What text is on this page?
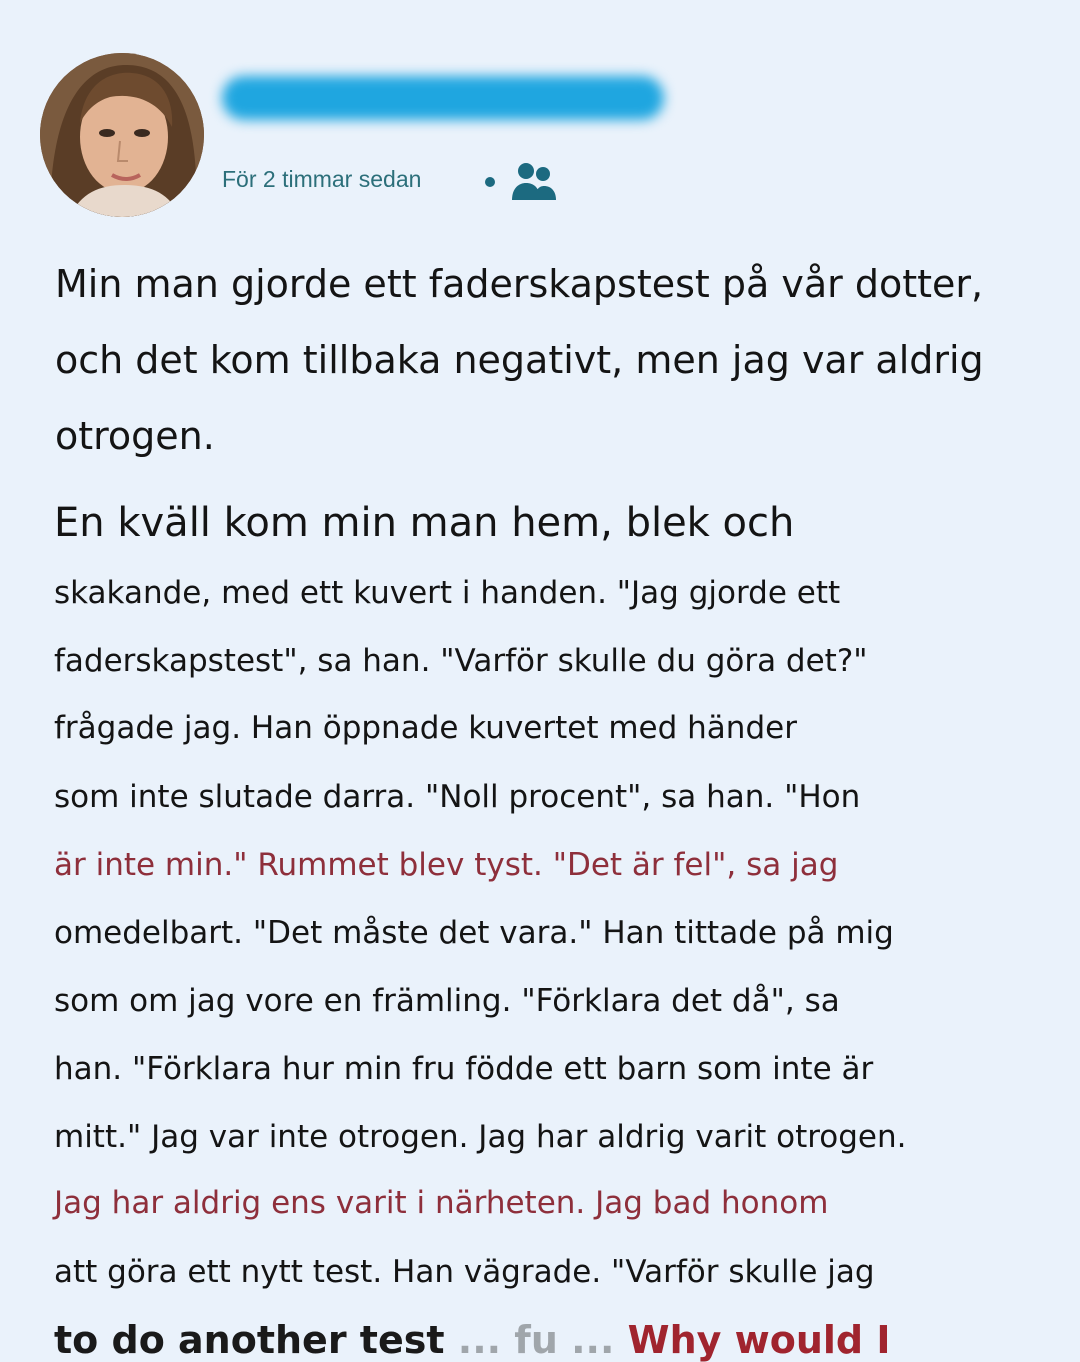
För 2 timmar sedan
Min man gjorde ett faderskapstest på vår dotter, och det kom tillbaka negativt, men jag var aldrig otrogen.
En kväll kom min man hem, blek och
skakande, med ett kuvert i handen. "Jag gjorde ett
faderskapstest", sa han. "Varför skulle du göra det?"
frågade jag. Han öppnade kuvertet med händer
som inte slutade darra. "Noll procent", sa han. "Hon
är inte min." Rummet blev tyst. "Det är fel", sa jag
omedelbart. "Det måste det vara." Han tittade på mig
som om jag vore en främling. "Förklara det då", sa
han. "Förklara hur min fru födde ett barn som inte är
mitt." Jag var inte otrogen. Jag har aldrig varit otrogen.
Jag har aldrig ens varit i närheten. Jag bad honom
att göra ett nytt test. Han vägrade. "Varför skulle jag
to do another test ... fu ... Why would I
